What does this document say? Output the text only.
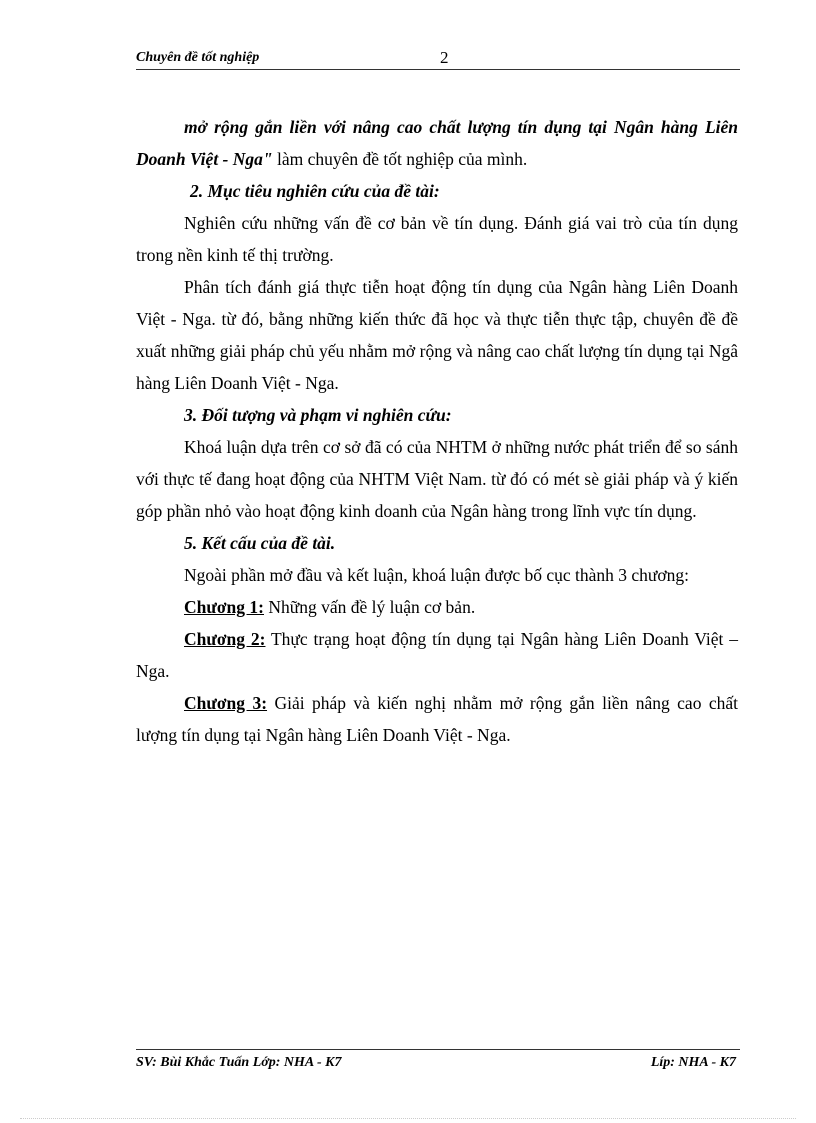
Chuyên đề tốt nghiệp	2

mở rộng gắn liền với nâng cao chất lượng tín dụng tại Ngân hàng Liên Doanh Việt - Nga" làm chuyên đề tốt nghiệp của mình.

2. Mục tiêu nghiên cứu của đề tài:

Nghiên cứu những vấn đề cơ bản về tín dụng. Đánh giá vai trò của tín dụng trong nền kinh tế thị trường.

Phân tích đánh giá thực tiễn hoạt động tín dụng của Ngân hàng Liên Doanh Việt - Nga. từ đó, bằng những kiến thức đã học và thực tiễn thực tập, chuyên đề đề xuất những giải pháp chủ yếu nhằm mở rộng và nâng cao chất lượng tín dụng tại Ngâ hàng Liên Doanh Việt - Nga.

3. Đối tượng và phạm vi nghiên cứu:

Khoá luận dựa trên cơ sở đã có của NHTM ở những nước phát triển để so sánh với thực tế đang hoạt động của NHTM Việt Nam. từ đó có mét sè giải pháp và ý kiến góp phần nhỏ vào hoạt động kinh doanh của Ngân hàng trong lĩnh vực tín dụng.

5. Kết cấu của đề tài.

Ngoài phần mở đầu và kết luận, khoá luận được bố cục thành 3 chương:

Chương 1: Những vấn đề lý luận cơ bản.

Chương 2: Thực trạng hoạt động tín dụng tại Ngân hàng Liên Doanh Việt – Nga.

Chương 3: Giải pháp và kiến nghị nhằm mở rộng gắn liền nâng cao chất lượng tín dụng tại Ngân hàng Liên Doanh Việt - Nga.

SV: Bùi Khắc Tuấn Lớp: NHA - K7	Líp: NHA - K7
